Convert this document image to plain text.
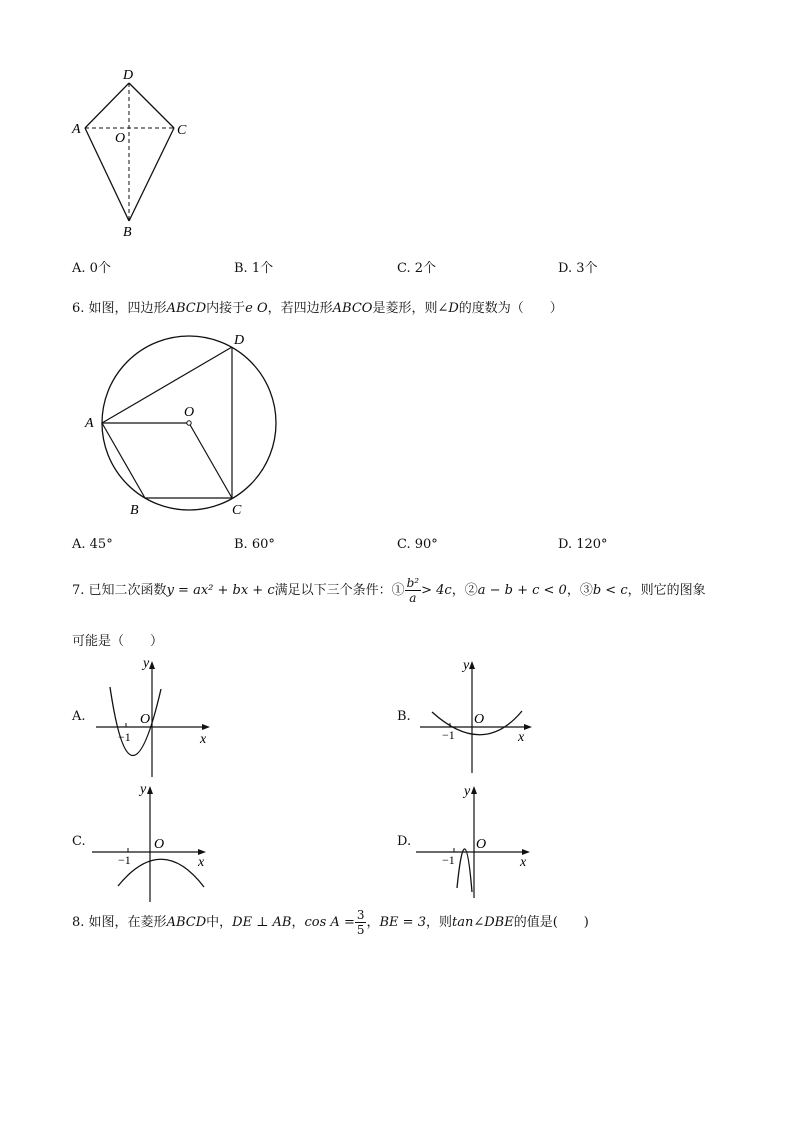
D
A	C
O
B
A. 0个	B. 1个	C. 2个	D. 3个
6. 如图，四边形ABCD内接于e O，若四边形ABCO是菱形，则∠D的度数为（　　）
D
O
A
B	C
A. 45°	B. 60°	C. 90°	D. 120°
7. 已知二次函数y = ax² + bx + c满足以下三个条件：① $\frac{\text{b²}}{a} > 4c$，②a − b + c < 0，③b < c，则它的图象
可能是（　　）
A.
y
O
−1	x
B.
y
O
−1	x
C.
y
O
−1	x
D.
y
O
−1	x
8. 如图，在菱形ABCD中，DE ⊥ AB，$\cos A = \frac{3}{5}$ ，BE = 3，则tan∠DBE的值是(　　)
